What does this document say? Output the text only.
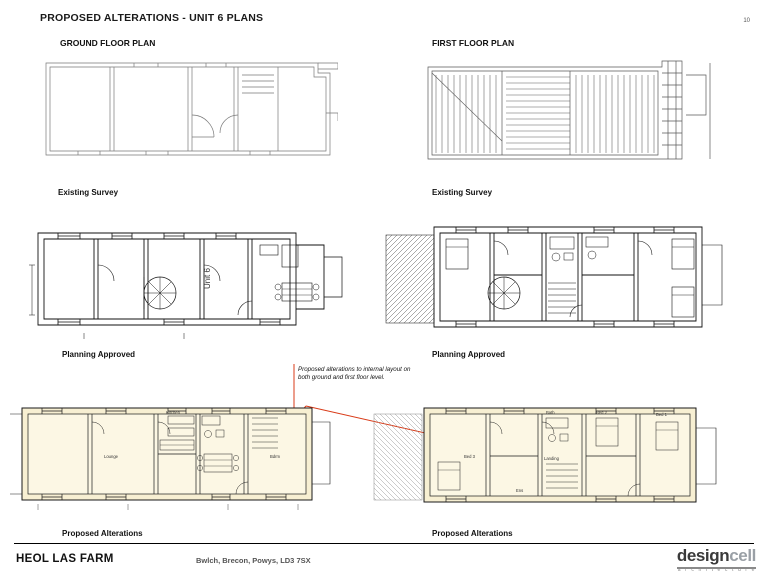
PROPOSED ALTERATIONS - UNIT 6 PLANS	10
GROUND FLOOR PLAN	FIRST FLOOR PLAN
Existing Survey	Existing Survey
Unit 6
Planning Approved	Planning Approved
Proposed alterations to internal layout on both ground and first floor level.
Lounge
Kitchen
Bdrm
Proposed Alterations
Bed 3
Bath
Landing
Bed 2	Bed 1
Ens
Proposed Alterations
HEOL LAS FARM	Bwlch, Brecon, Powys, LD3 7SX	designcell
a r c h i t e c t u r e
